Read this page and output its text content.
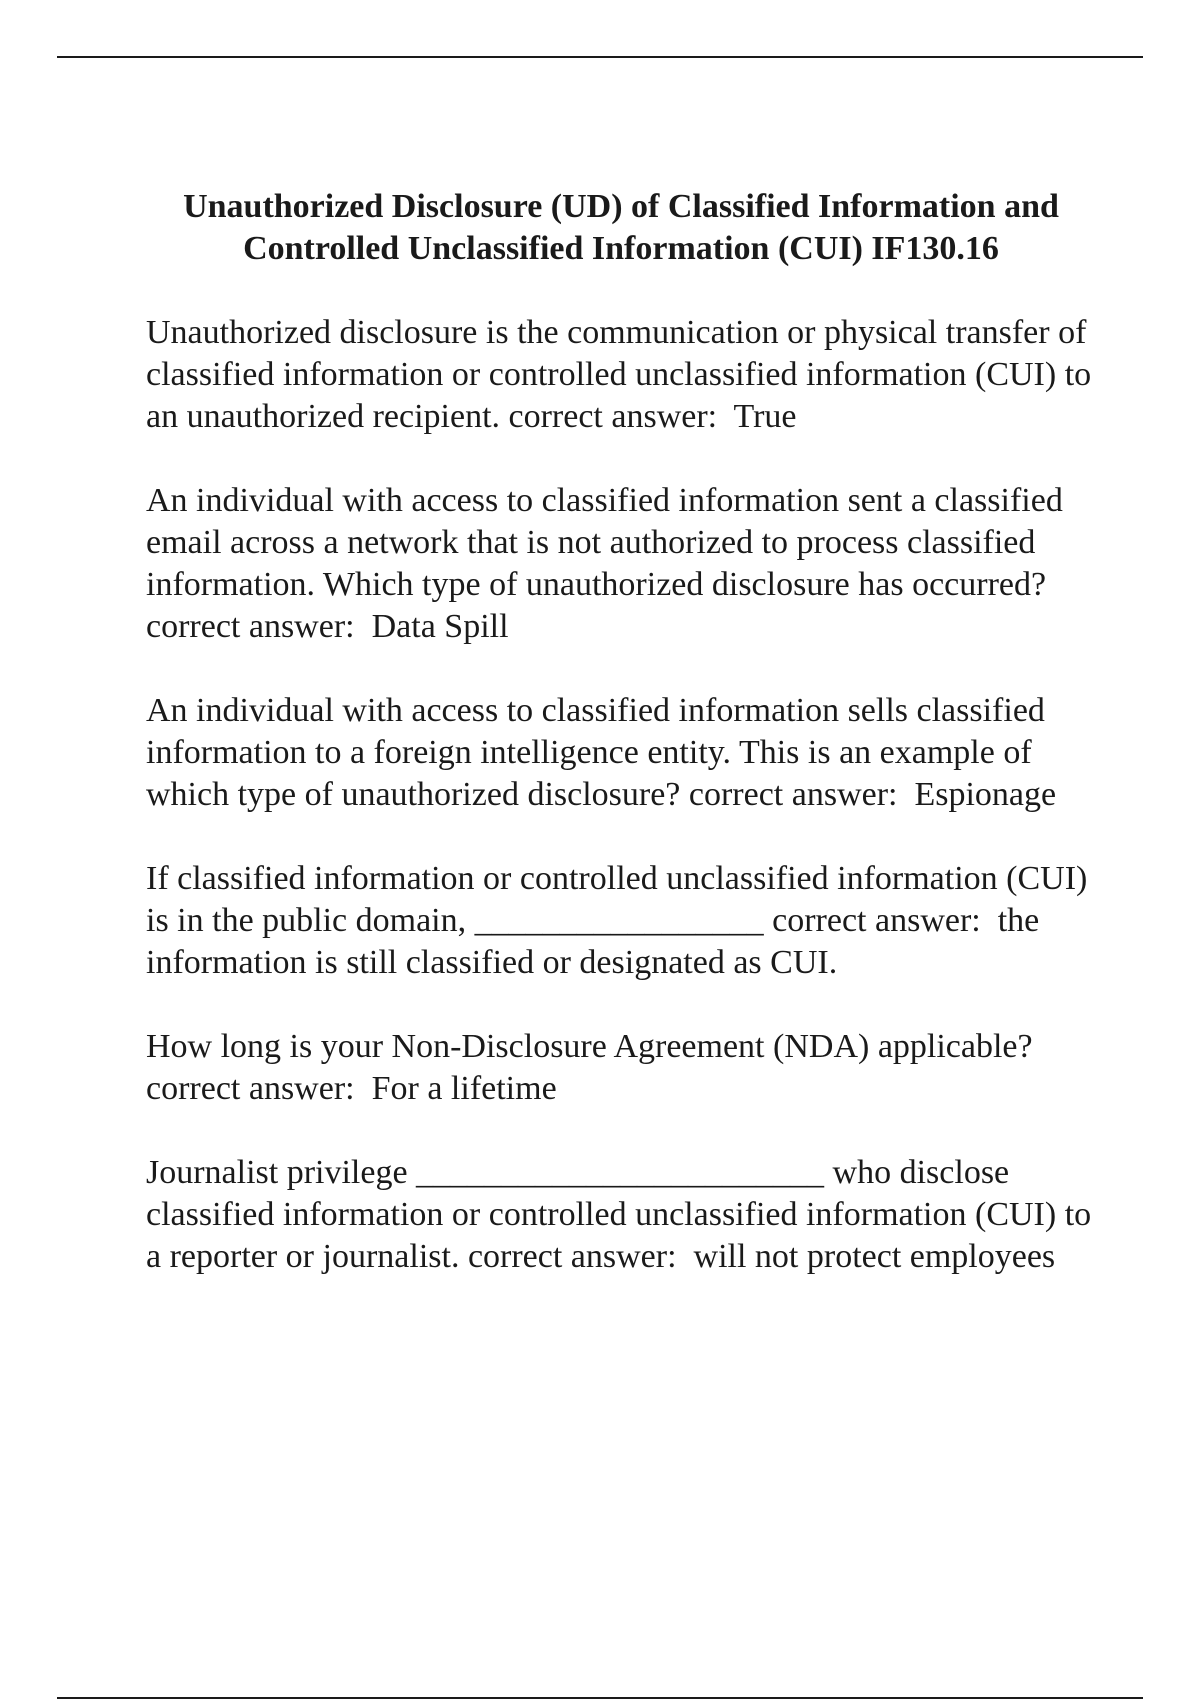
Unauthorized Disclosure (UD) of Classified Information and
Controlled Unclassified Information (CUI) IF130.16

Unauthorized disclosure is the communication or physical transfer of classified information or controlled unclassified information (CUI) to an unauthorized recipient. correct answer:  True

An individual with access to classified information sent a classified email across a network that is not authorized to process classified information. Which type of unauthorized disclosure has occurred? correct answer:  Data Spill

An individual with access to classified information sells classified information to a foreign intelligence entity. This is an example of which type of unauthorized disclosure? correct answer:  Espionage

If classified information or controlled unclassified information (CUI) is in the public domain, _________________ correct answer:  the information is still classified or designated as CUI.

How long is your Non-Disclosure Agreement (NDA) applicable? correct answer:  For a lifetime

Journalist privilege ________________________ who disclose classified information or controlled unclassified information (CUI) to a reporter or journalist. correct answer:  will not protect employees
